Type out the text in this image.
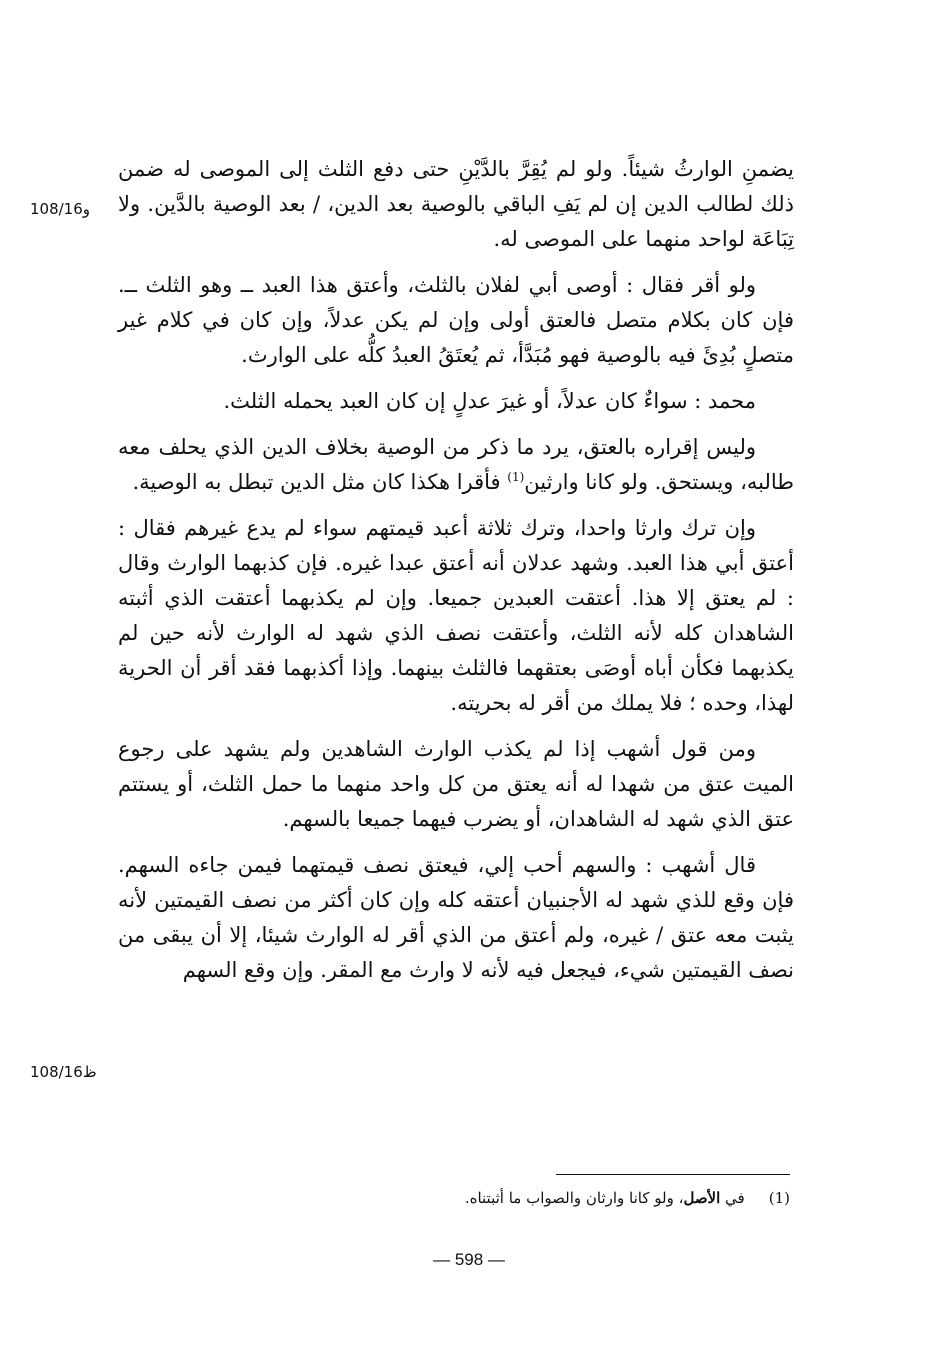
108/16و
108/16ظ

يضمنِ الوارثُ شيئاً. ولو لم يُقِرَّ بالدَّيْنِ حتى دفع الثلث إلى الموصى له ضمن ذلك لطالب الدين إن لم يَفِ الباقي بالوصية بعد الدين، / بعد الوصية بالدَّين. ولا تِبَاعَة لواحد منهما على الموصى له.

ولو أقر فقال : أوصى أبي لفلان بالثلث، وأعتق هذا العبد ــ وهو الثلث ــ. فإن كان بكلام متصل فالعتق أولى وإن لم يكن عدلاً، وإن كان في كلام غير متصلٍ بُدِئَ فيه بالوصية فهو مُبَدَّأ، ثم يُعتَقُ العبدُ كلُّه على الوارث.

محمد : سواءٌ كان عدلاً، أو غيرَ عدلٍ إن كان العبد يحمله الثلث.

وليس إقراره بالعتق، يرد ما ذكر من الوصية بخلاف الدين الذي يحلف معه طالبه، ويستحق. ولو كانا وارثين$^{(1)}$ فأقرا هكذا كان مثل الدين تبطل به الوصية.

وإن ترك وارثا واحدا، وترك ثلاثة أعبد قيمتهم سواء لم يدع غيرهم فقال : أعتق أبي هذا العبد. وشهد عدلان أنه أعتق عبدا غيره. فإن كذبهما الوارث وقال : لم يعتق إلا هذا. أعتقت العبدين جميعا. وإن لم يكذبهما أعتقت الذي أثبته الشاهدان كله لأنه الثلث، وأعتقت نصف الذي شهد له الوارث لأنه حين لم يكذبهما فكأن أباه أوصَى بعتقهما فالثلث بينهما. وإذا أكذبهما فقد أقر أن الحرية لهذا، وحده ؛ فلا يملك من أقر له بحريته.

ومن قول أشهب إذا لم يكذب الوارث الشاهدين ولم يشهد على رجوع الميت عتق من شهدا له أنه يعتق من كل واحد منهما ما حمل الثلث، أو يستتم عتق الذي شهد له الشاهدان، أو يضرب فيهما جميعا بالسهم.

قال أشهب : والسهم أحب إلي، فيعتق نصف قيمتهما فيمن جاءه السهم. فإن وقع للذي شهد له الأجنبيان أعتقه كله وإن كان أكثر من نصف القيمتين لأنه يثبت معه عتق / غيره، ولم أعتق من الذي أقر له الوارث شيئا، إلا أن يبقى من نصف القيمتين شيء، فيجعل فيه لأنه لا وارث مع المقر. وإن وقع السهم

(1)في الأصل، ولو كانا وارثان والصواب ما أثبتناه.
— 598 —
